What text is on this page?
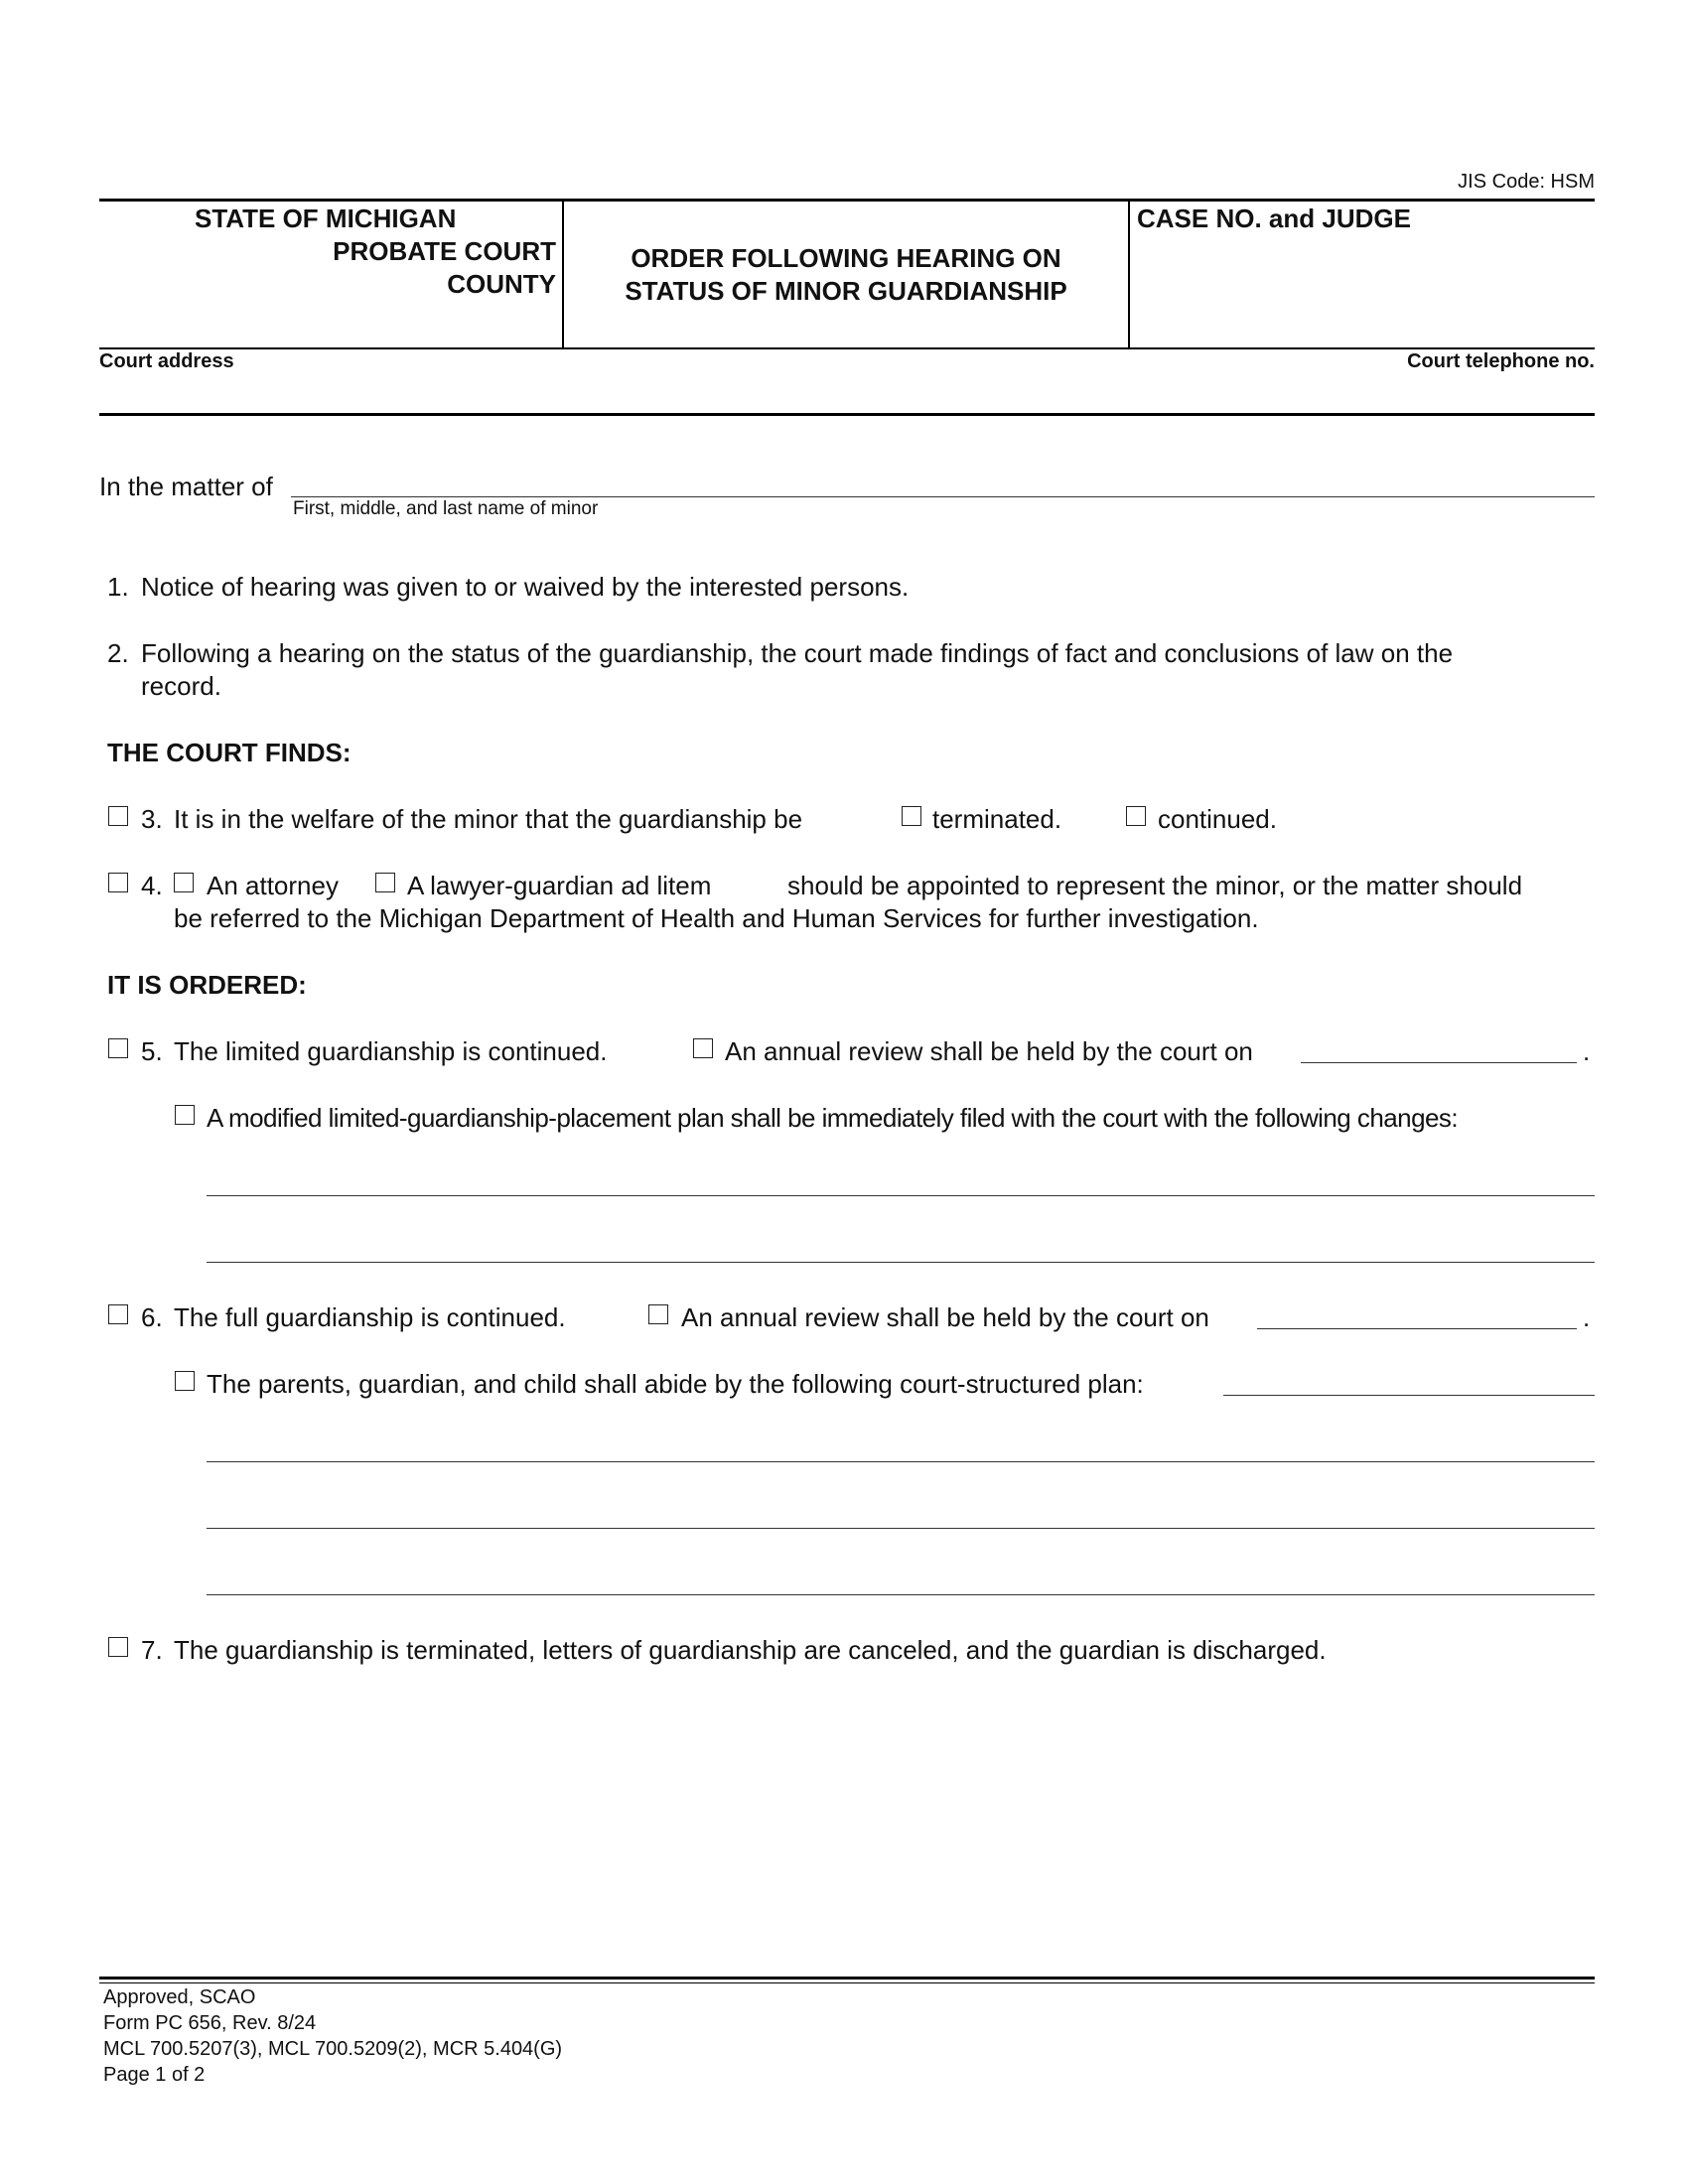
JIS Code: HSM
STATE OF MICHIGAN
PROBATE COURT
COUNTY
ORDER FOLLOWING HEARING ON
STATUS OF MINOR GUARDIANSHIP
CASE NO. and JUDGE
Court address	Court telephone no.
In the matter of
First, middle, and last name of minor
1. Notice of hearing was given to or waived by the interested persons.
2. Following a hearing on the status of the guardianship, the court made findings of fact and conclusions of law on the
record.
THE COURT FINDS:
3. It is in the welfare of the minor that the guardianship be	terminated.	continued.
4. An attorney	A lawyer-guardian ad litem	should be appointed to represent the minor, or the matter should
be referred to the Michigan Department of Health and Human Services for further investigation.
IT IS ORDERED:
5. The limited guardianship is continued.	An annual review shall be held by the court on	.
A modified limited-guardianship-placement plan shall be immediately filed with the court with the following changes:
6. The full guardianship is continued.	An annual review shall be held by the court on	.
The parents, guardian, and child shall abide by the following court-structured plan:
7. The guardianship is terminated, letters of guardianship are canceled, and the guardian is discharged.
Approved, SCAO
Form PC 656, Rev. 8/24
MCL 700.5207(3), MCL 700.5209(2), MCR 5.404(G)
Page 1 of 2
